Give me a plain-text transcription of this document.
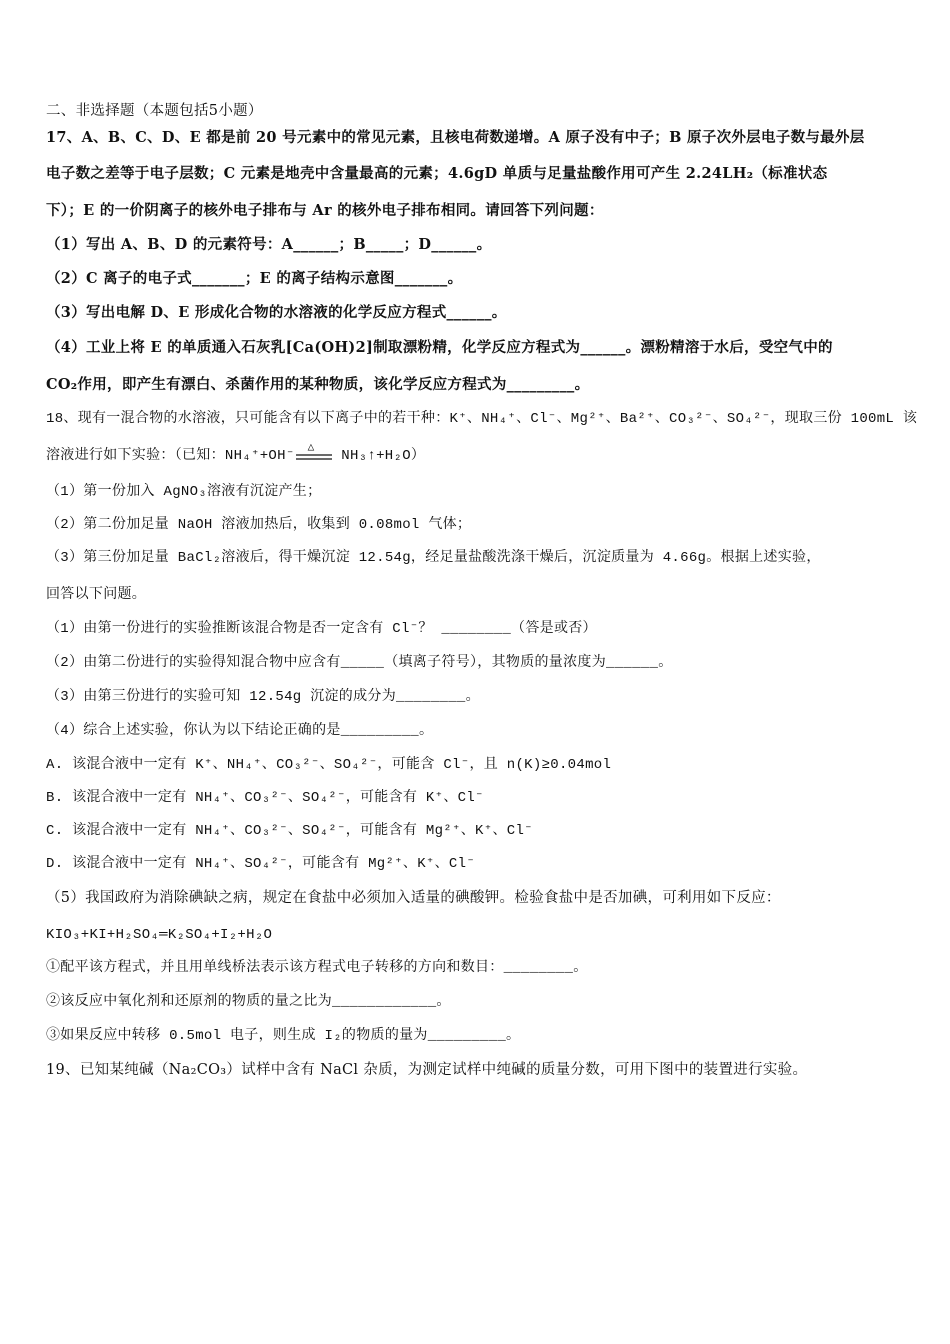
二、非选择题（本题包括5小题）
17、A、B、C、D、E 都是前 20 号元素中的常见元素，且核电荷数递增。A 原子没有中子；B 原子次外层电子数与最外层
电子数之差等于电子层数；C 元素是地壳中含量最高的元素；4.6gD 单质与足量盐酸作用可产生 2.24LH₂（标准状态
下）；E 的一价阴离子的核外电子排布与 Ar 的核外电子排布相同。请回答下列问题：
（1）写出 A、B、D 的元素符号：A______；B_____；D______。
（2）C 离子的电子式_______；E 的离子结构示意图_______。
（3）写出电解 D、E 形成化合物的水溶液的化学反应方程式______。
（4）工业上将 E 的单质通入石灰乳[Ca(OH)2]制取漂粉精，化学反应方程式为______。漂粉精溶于水后，受空气中的
CO₂作用，即产生有漂白、杀菌作用的某种物质，该化学反应方程式为_________。
18、现有一混合物的水溶液，只可能含有以下离子中的若干种：K⁺、NH₄⁺、Cl⁻、Mg²⁺、Ba²⁺、CO₃²⁻、SO₄²⁻，现取三份 100mL 该
溶液进行如下实验：（已知：NH₄⁺+OH⁻ △ NH₃↑+H₂O）
（1）第一份加入 AgNO₃溶液有沉淀产生；
（2）第二份加足量 NaOH 溶液加热后，收集到 0.08mol 气体；
（3）第三份加足量 BaCl₂溶液后，得干燥沉淀 12.54g，经足量盐酸洗涤干燥后，沉淀质量为 4.66g。根据上述实验，
回答以下问题。
（1）由第一份进行的实验推断该混合物是否一定含有 Cl⁻？ ________（答是或否）
（2）由第二份进行的实验得知混合物中应含有_____（填离子符号），其物质的量浓度为______。
（3）由第三份进行的实验可知 12.54g 沉淀的成分为________。
（4）综合上述实验，你认为以下结论正确的是_________。
A. 该混合液中一定有 K⁺、NH₄⁺、CO₃²⁻、SO₄²⁻，可能含 Cl⁻，且 n(K)≥0.04mol
B. 该混合液中一定有 NH₄⁺、CO₃²⁻、SO₄²⁻，可能含有 K⁺、Cl⁻
C. 该混合液中一定有 NH₄⁺、CO₃²⁻、SO₄²⁻，可能含有 Mg²⁺、K⁺、Cl⁻
D. 该混合液中一定有 NH₄⁺、SO₄²⁻，可能含有 Mg²⁺、K⁺、Cl⁻
（5）我国政府为消除碘缺之病，规定在食盐中必须加入适量的碘酸钾。检验食盐中是否加碘，可利用如下反应：
KIO₃+KI+H₂SO₄═K₂SO₄+I₂+H₂O
①配平该方程式，并且用单线桥法表示该方程式电子转移的方向和数目：________。
②该反应中氧化剂和还原剂的物质的量之比为____________。
③如果反应中转移 0.5mol 电子，则生成 I₂的物质的量为_________。
19、已知某纯碱（Na₂CO₃）试样中含有 NaCl 杂质，为测定试样中纯碱的质量分数，可用下图中的装置进行实验。
